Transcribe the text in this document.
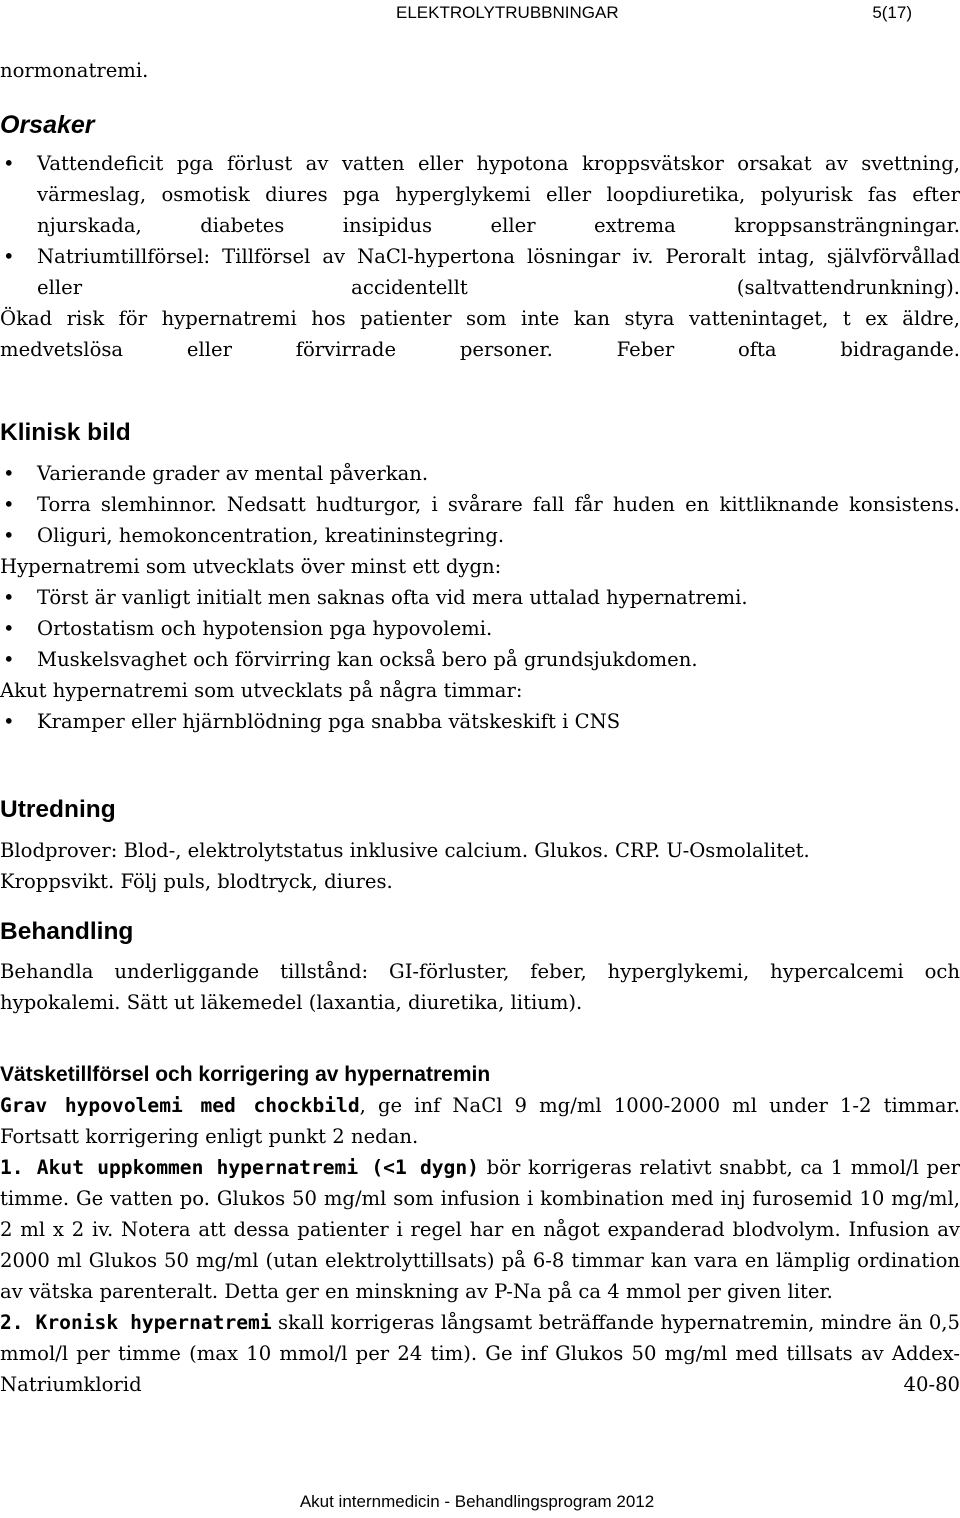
ELEKTROLYTRUBBNINGAR	5(17)

normonatremi.

Orsaker
• Vattendeficit pga förlust av vatten eller hypotona kroppsvätskor orsakat av svettning, värmeslag, osmotisk diures pga hyperglykemi eller loopdiuretika, polyurisk fas efter njurskada, diabetes insipidus eller extrema kroppsansträngningar.
• Natriumtillförsel: Tillförsel av NaCl-hypertona lösningar iv. Peroralt intag, självförvållad eller accidentellt (saltvattendrunkning).

Ökad risk för hypernatremi hos patienter som inte kan styra vattenintaget, t ex äldre, medvetslösa eller förvirrade personer. Feber ofta bidragande.

Klinisk bild
• Varierande grader av mental påverkan.
• Torra slemhinnor. Nedsatt hudturgor, i svårare fall får huden en kittliknande konsistens.
• Oliguri, hemokoncentration, kreatininstegring.

Hypernatremi som utvecklats över minst ett dygn:

• Törst är vanligt initialt men saknas ofta vid mera uttalad hypernatremi.
• Ortostatism och hypotension pga hypovolemi.
• Muskelsvaghet och förvirring kan också bero på grundsjukdomen.

Akut hypernatremi som utvecklats på några timmar:

• Kramper eller hjärnblödning pga snabba vätskeskift i CNS
Utredning

Blodprover: Blod-, elektrolytstatus inklusive calcium. Glukos. CRP. U-Osmolalitet. Kroppsvikt. Följ puls, blodtryck, diures.

Behandling

Behandla underliggande tillstånd: GI-förluster, feber, hyperglykemi, hypercalcemi och hypokalemi. Sätt ut läkemedel (laxantia, diuretika, litium).

Vätsketillförsel och korrigering av hypernatremin

Grav hypovolemi med chockbild, ge inf NaCl 9 mg/ml 1000-2000 ml under 1-2 timmar. Fortsatt korrigering enligt punkt 2 nedan.

1. Akut uppkommen hypernatremi (<1 dygn) bör korrigeras relativt snabbt, ca 1 mmol/l per timme. Ge vatten po. Glukos 50 mg/ml som infusion i kombination med inj furosemid 10 mg/ml, 2 ml x 2 iv. Notera att dessa patienter i regel har en något expanderad blodvolym. Infusion av 2000 ml Glukos 50 mg/ml (utan elektrolyttillsats) på 6-8 timmar kan vara en lämplig ordination av vätska parenteralt. Detta ger en minskning av P-Na på ca 4 mmol per given liter.

2. Kronisk hypernatremi skall korrigeras långsamt beträffande hypernatremin, mindre än 0,5 mmol/l per timme (max 10 mmol/l per 24 tim). Ge inf Glukos 50 mg/ml med tillsats av Addex-Natriumklorid 40-80

Akut internmedicin - Behandlingsprogram 2012
